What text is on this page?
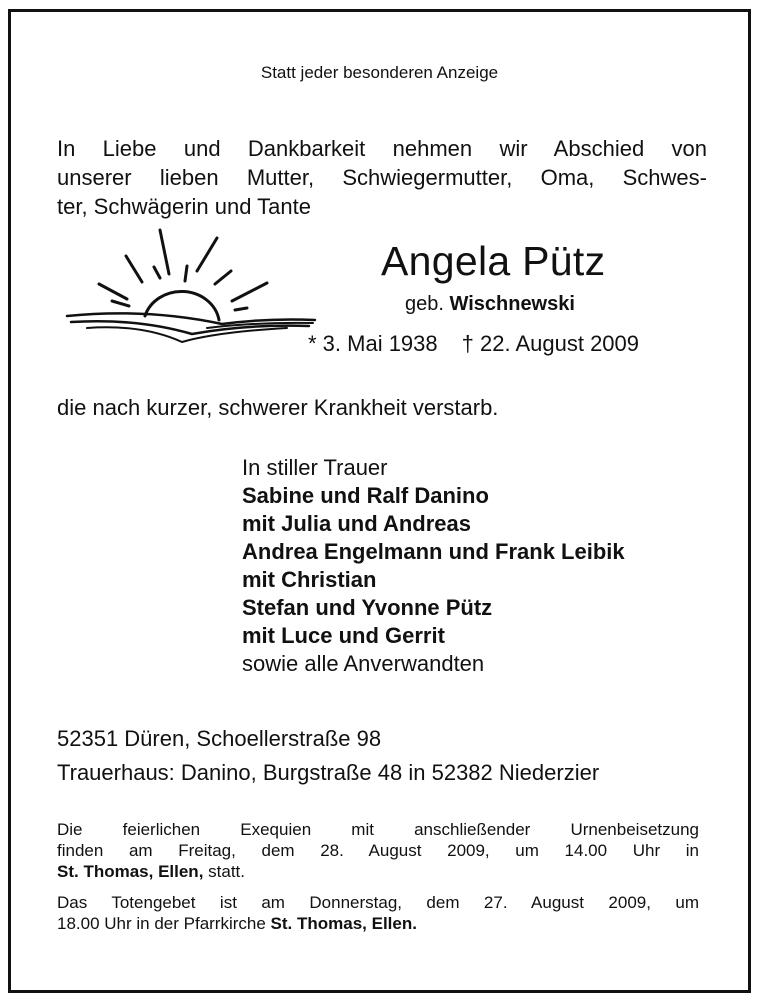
Statt jeder besonderen Anzeige
In Liebe und Dankbarkeit nehmen wir Abschied von
unserer lieben Mutter, Schwiegermutter, Oma, Schwes-
ter, Schwägerin und Tante
Angela Pütz
geb. Wischnewski
* 3. Mai 1938 † 22. August 2009
die nach kurzer, schwerer Krankheit verstarb.
In stiller Trauer
Sabine und Ralf Danino
mit Julia und Andreas
Andrea Engelmann und Frank Leibik
mit Christian
Stefan und Yvonne Pütz
mit Luce und Gerrit
sowie alle Anverwandten
52351 Düren, Schoellerstraße 98
Trauerhaus: Danino, Burgstraße 48 in 52382 Niederzier
Die feierlichen Exequien mit anschließender Urnenbeisetzung
finden am Freitag, dem 28. August 2009, um 14.00 Uhr in
St. Thomas, Ellen, statt.
Das Totengebet ist am Donnerstag, dem 27. August 2009, um
18.00 Uhr in der Pfarrkirche St. Thomas, Ellen.
